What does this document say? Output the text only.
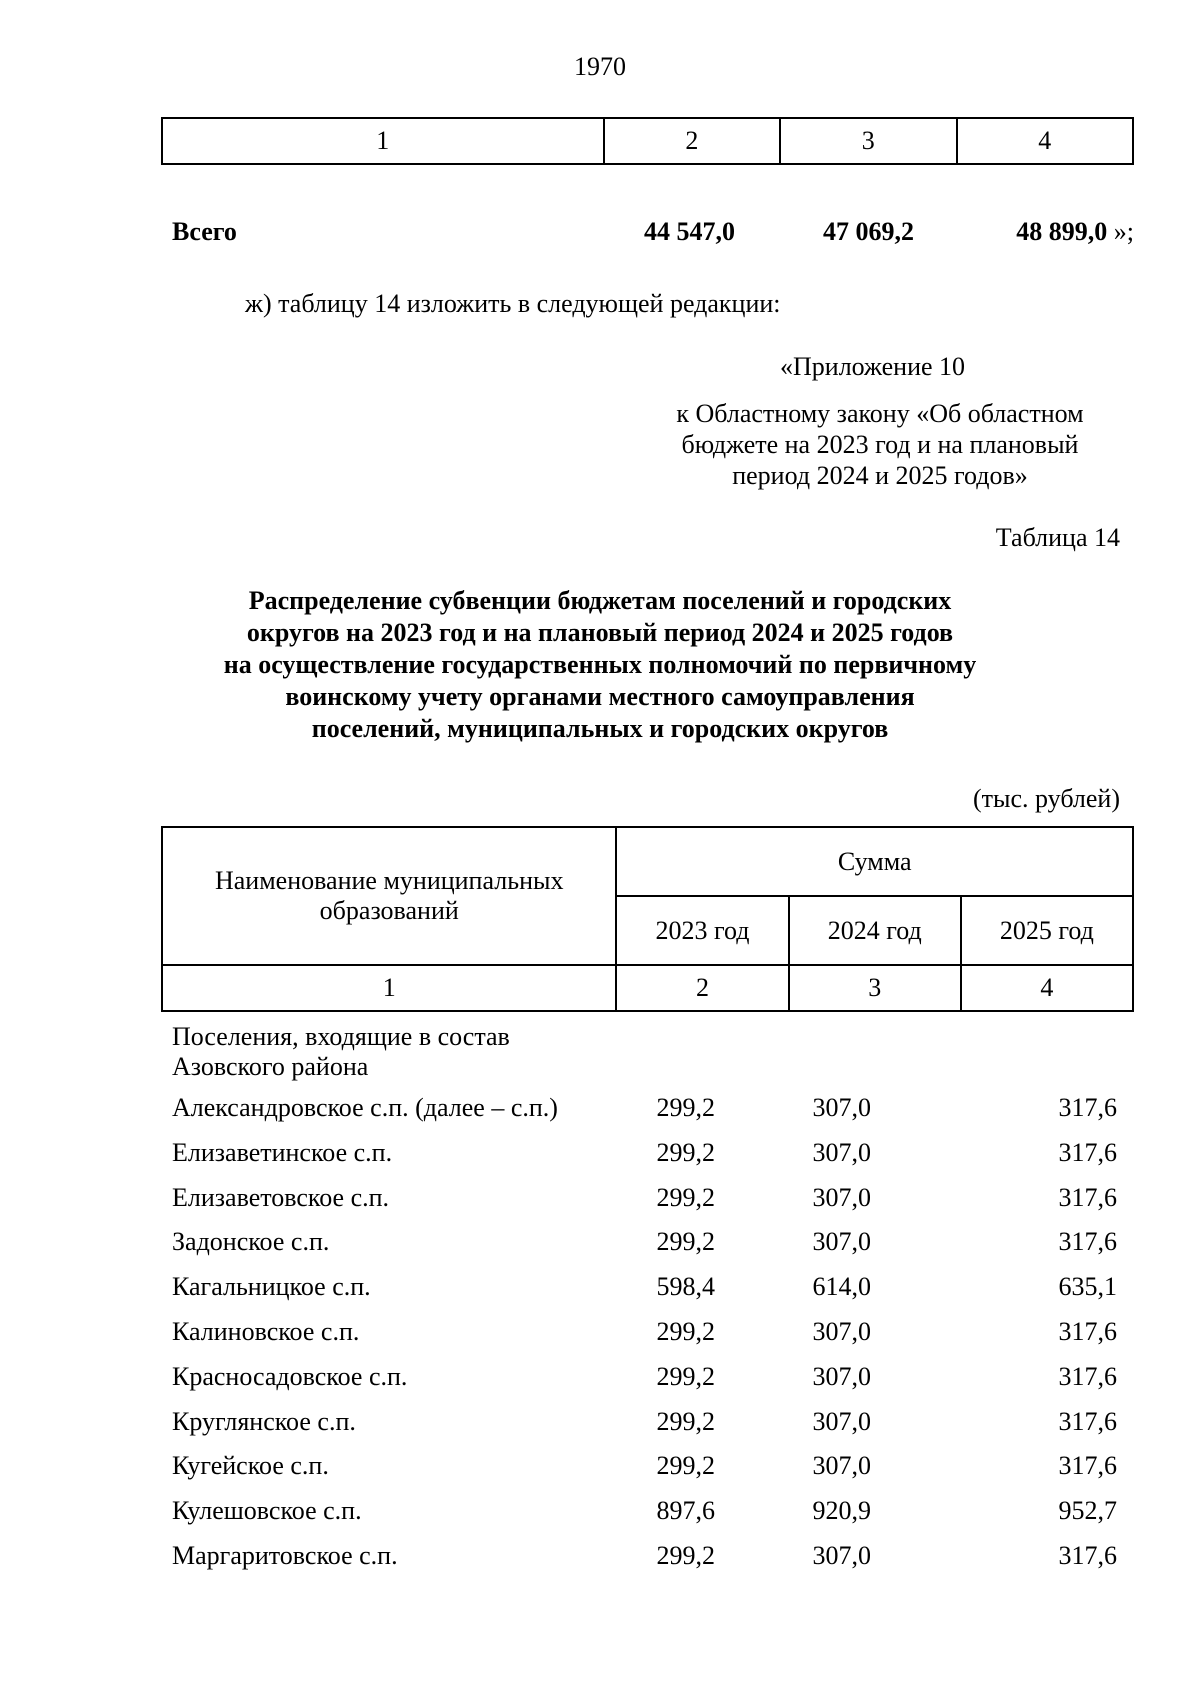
1970
1	2	3	4
Всего	44 547,0	47 069,2	48 899,0 »;
ж) таблицу 14 изложить в следующей редакции:
«Приложение 10
к Областному закону «Об областном
бюджете на 2023 год и на плановый
период 2024 и 2025 годов»
Таблица 14
Распределение субвенции бюджетам поселений и городских
округов на 2023 год и на плановый период 2024 и 2025 годов
на осуществление государственных полномочий по первичному
воинскому учету органами местного самоуправления
поселений, муниципальных и городских округов
(тыс. рублей)
Наименование муниципальных
образований	Сумма		
	2023 год	2024 год	2025 год
1	2	3	4
Поселения, входящие в состав
Азовского района
Александровское с.п. (далее – с.п.)	299,2	307,0	317,6
Елизаветинское с.п.	299,2	307,0	317,6
Елизаветовское с.п.	299,2	307,0	317,6
Задонское с.п.	299,2	307,0	317,6
Кагальницкое с.п.	598,4	614,0	635,1
Калиновское с.п.	299,2	307,0	317,6
Красносадовское с.п.	299,2	307,0	317,6
Круглянское с.п.	299,2	307,0	317,6
Кугейское с.п.	299,2	307,0	317,6
Кулешовское с.п.	897,6	920,9	952,7
Маргаритовское с.п.	299,2	307,0	317,6
